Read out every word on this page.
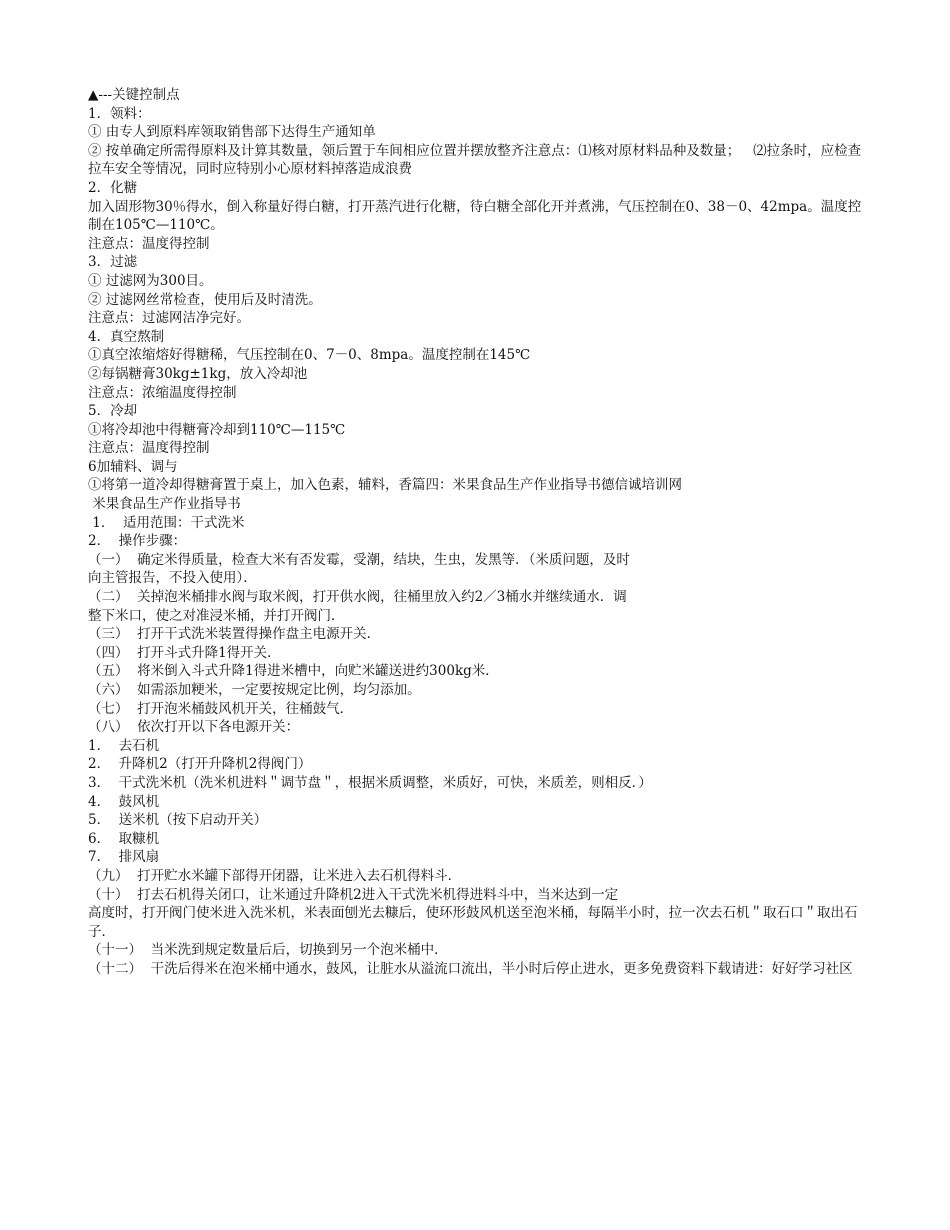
▲---关键控制点

1．领料：

① 由专人到原料库领取销售部下达得生产通知单

② 按单确定所需得原料及计算其数量，领后置于车间相应位置并摆放整齐注意点：⑴核对原材料品种及数量；   ⑵拉条时，应检查拉车安全等情况，同时应特别小心原材料掉落造成浪费

2．化糖

加入固形物30％得水，倒入称量好得白糖，打开蒸汽进行化糖，待白糖全部化开并煮沸，气压控制在0、38－0、42mpa。温度控制在105℃—110℃。

注意点：温度得控制

3．过滤

① 过滤网为300目。

② 过滤网丝常检查，使用后及时清洗。

注意点：过滤网洁净完好。

4．真空熬制

①真空浓缩熔好得糖稀，气压控制在0、7－0、8mpa。温度控制在145℃

②每锅糖膏30kg±1kg，放入冷却池

注意点：浓缩温度得控制

5．冷却

①将冷却池中得糖膏冷却到110℃—115℃

注意点：温度得控制

6加辅料、调与

①将第一道冷却得糖膏置于桌上，加入色素，辅料，香篇四：米果食品生产作业指导书德信诚培训网

米果食品生产作业指导书

1．  适用范围：干式洗米

2．  操作步骤：

（一）  确定米得质量，检查大米有否发霉，受潮，结块，生虫，发黑等．（米质问题，及时

向主管报告，不投入使用）．

（二）  关掉泡米桶排水阀与取米阀，打开供水阀，往桶里放入约2／3桶水并继续通水．调

整下米口，使之对准浸米桶，并打开阀门．

（三）  打开干式洗米装置得操作盘主电源开关．

（四）  打开斗式升降1得开关．

（五）  将米倒入斗式升降1得进米槽中，向贮米罐送进约300kg米．

（六）  如需添加粳米，一定要按规定比例，均匀添加。

（七）  打开泡米桶鼓风机开关，往桶鼓气．

（八）  依次打开以下各电源开关：

1．  去石机

2．  升降机2（打开升降机2得阀门）

3．  干式洗米机（洗米机进料＂调节盘＂，根据米质调整，米质好，可快，米质差，则相反．）

4．  鼓风机

5．  送米机（按下启动开关）

6．  取糠机

7．  排风扇

（九）  打开贮水米罐下部得开闭器，让米进入去石机得料斗．

（十）  打去石机得关闭口，让米通过升降机2进入干式洗米机得进料斗中，当米达到一定

高度时，打开阀门使米进入洗米机，米表面刨光去糠后，使环形鼓风机送至泡米桶，每隔半小时，拉一次去石机＂取石口＂取出石子．

（十一）  当米洗到规定数量后后，切换到另一个泡米桶中．

（十二）  干洗后得米在泡米桶中通水，鼓风，让脏水从溢流口流出，半小时后停止进水，更多免费资料下载请进：好好学习社区
